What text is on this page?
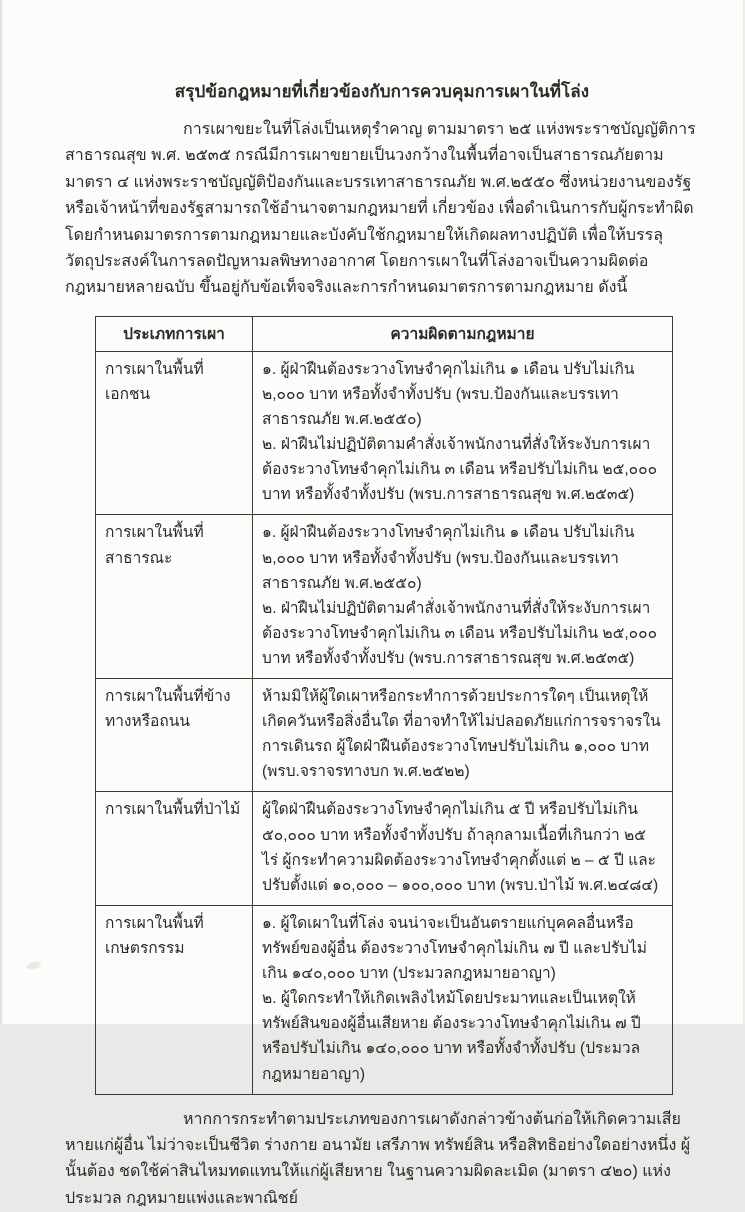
สรุปข้อกฎหมายที่เกี่ยวข้องกับการควบคุมการเผาในที่โล่ง
การเผาขยะในที่โล่งเป็นเหตุรำคาญ ตามมาตรา ๒๕ แห่งพระราชบัญญัติการสาธารณสุข พ.ศ. ๒๕๓๕ กรณีมีการเผาขยายเป็นวงกว้างในพื้นที่อาจเป็นสาธารณภัยตามมาตรา ๔ แห่งพระราชบัญญัติป้องกันและบรรเทาสาธารณภัย พ.ศ.๒๕๕๐ ซึ่งหน่วยงานของรัฐหรือเจ้าหน้าที่ของรัฐสามารถใช้อำนาจตามกฎหมายที่ เกี่ยวข้อง เพื่อดำเนินการกับผู้กระทำผิด โดยกำหนดมาตรการตามกฎหมายและบังคับใช้กฎหมายให้เกิดผลทางปฏิบัติ เพื่อให้บรรลุวัตถุประสงค์ในการลดปัญหามลพิษทางอากาศ โดยการเผาในที่โล่งอาจเป็นความผิดต่อกฎหมายหลายฉบับ ขึ้นอยู่กับข้อเท็จจริงและการกำหนดมาตรการตามกฎหมาย ดังนี้
ประเภทการเผา	ความผิดตามกฎหมาย
การเผาในพื้นที่เอกชน	๑. ผู้ฝ่าฝืนต้องระวางโทษจำคุกไม่เกิน ๑ เดือน ปรับไม่เกิน ๒,๐๐๐ บาท หรือทั้งจำทั้งปรับ (พรบ.ป้องกันและบรรเทาสาธารณภัย พ.ศ.๒๕๕๐)
๒. ฝ่าฝืนไม่ปฏิบัติตามคำสั่งเจ้าพนักงานที่สั่งให้ระงับการเผา ต้องระวางโทษจำคุกไม่เกิน ๓ เดือน หรือปรับไม่เกิน ๒๕,๐๐๐ บาท หรือทั้งจำทั้งปรับ (พรบ.การสาธารณสุข พ.ศ.๒๕๓๕)

การเผาในพื้นที่สาธารณะ	๑. ผู้ฝ่าฝืนต้องระวางโทษจำคุกไม่เกิน ๑ เดือน ปรับไม่เกิน ๒,๐๐๐ บาท หรือทั้งจำทั้งปรับ (พรบ.ป้องกันและบรรเทาสาธารณภัย พ.ศ.๒๕๕๐)
๒. ฝ่าฝืนไม่ปฏิบัติตามคำสั่งเจ้าพนักงานที่สั่งให้ระงับการเผา ต้องระวางโทษจำคุกไม่เกิน ๓ เดือน หรือปรับไม่เกิน ๒๕,๐๐๐ บาท หรือทั้งจำทั้งปรับ (พรบ.การสาธารณสุข พ.ศ.๒๕๓๕)

การเผาในพื้นที่ข้างทางหรือถนน	ห้ามมิให้ผู้ใดเผาหรือกระทำการด้วยประการใดๆ เป็นเหตุให้เกิดควันหรือสิ่งอื่นใด ที่อาจทำให้ไม่ปลอดภัยแก่การจราจรในการเดินรถ ผู้ใดฝ่าฝืนต้องระวางโทษปรับไม่เกิน ๑,๐๐๐ บาท (พรบ.จราจรทางบก พ.ศ.๒๕๒๒)

การเผาในพื้นที่ป่าไม้	ผู้ใดฝ่าฝืนต้องระวางโทษจำคุกไม่เกิน ๕ ปี หรือปรับไม่เกิน ๕๐,๐๐๐ บาท หรือทั้งจำทั้งปรับ ถ้าลุกลามเนื้อที่เกินกว่า ๒๕ ไร่ ผู้กระทำความผิดต้องระวางโทษจำคุกตั้งแต่ ๒ – ๕ ปี และปรับตั้งแต่ ๑๐,๐๐๐ – ๑๐๐,๐๐๐ บาท (พรบ.ป่าไม้ พ.ศ.๒๔๘๔)

การเผาในพื้นที่เกษตรกรรม	๑. ผู้ใดเผาในที่โล่ง จนน่าจะเป็นอันตรายแก่บุคคลอื่นหรือทรัพย์ของผู้อื่น ต้องระวางโทษจำคุกไม่เกิน ๗ ปี และปรับไม่เกิน ๑๔๐,๐๐๐ บาท (ประมวลกฎหมายอาญา)
๒. ผู้ใดกระทำให้เกิดเพลิงไหม้โดยประมาทและเป็นเหตุให้ทรัพย์สินของผู้อื่นเสียหาย ต้องระวางโทษจำคุกไม่เกิน ๗ ปี หรือปรับไม่เกิน ๑๔๐,๐๐๐ บาท หรือทั้งจำทั้งปรับ (ประมวลกฎหมายอาญา)
หากการกระทำตามประเภทของการเผาดังกล่าวข้างต้นก่อให้เกิดความเสียหายแก่ผู้อื่น ไม่ว่าจะเป็นชีวิต ร่างกาย อนามัย เสรีภาพ ทรัพย์สิน หรือสิทธิอย่างใดอย่างหนึ่ง ผู้นั้นต้อง ชดใช้ค่าสินไหมทดแทนให้แก่ผู้เสียหาย ในฐานความผิดละเมิด (มาตรา ๔๒๐) แห่งประมวล กฎหมายแพ่งและพาณิชย์
